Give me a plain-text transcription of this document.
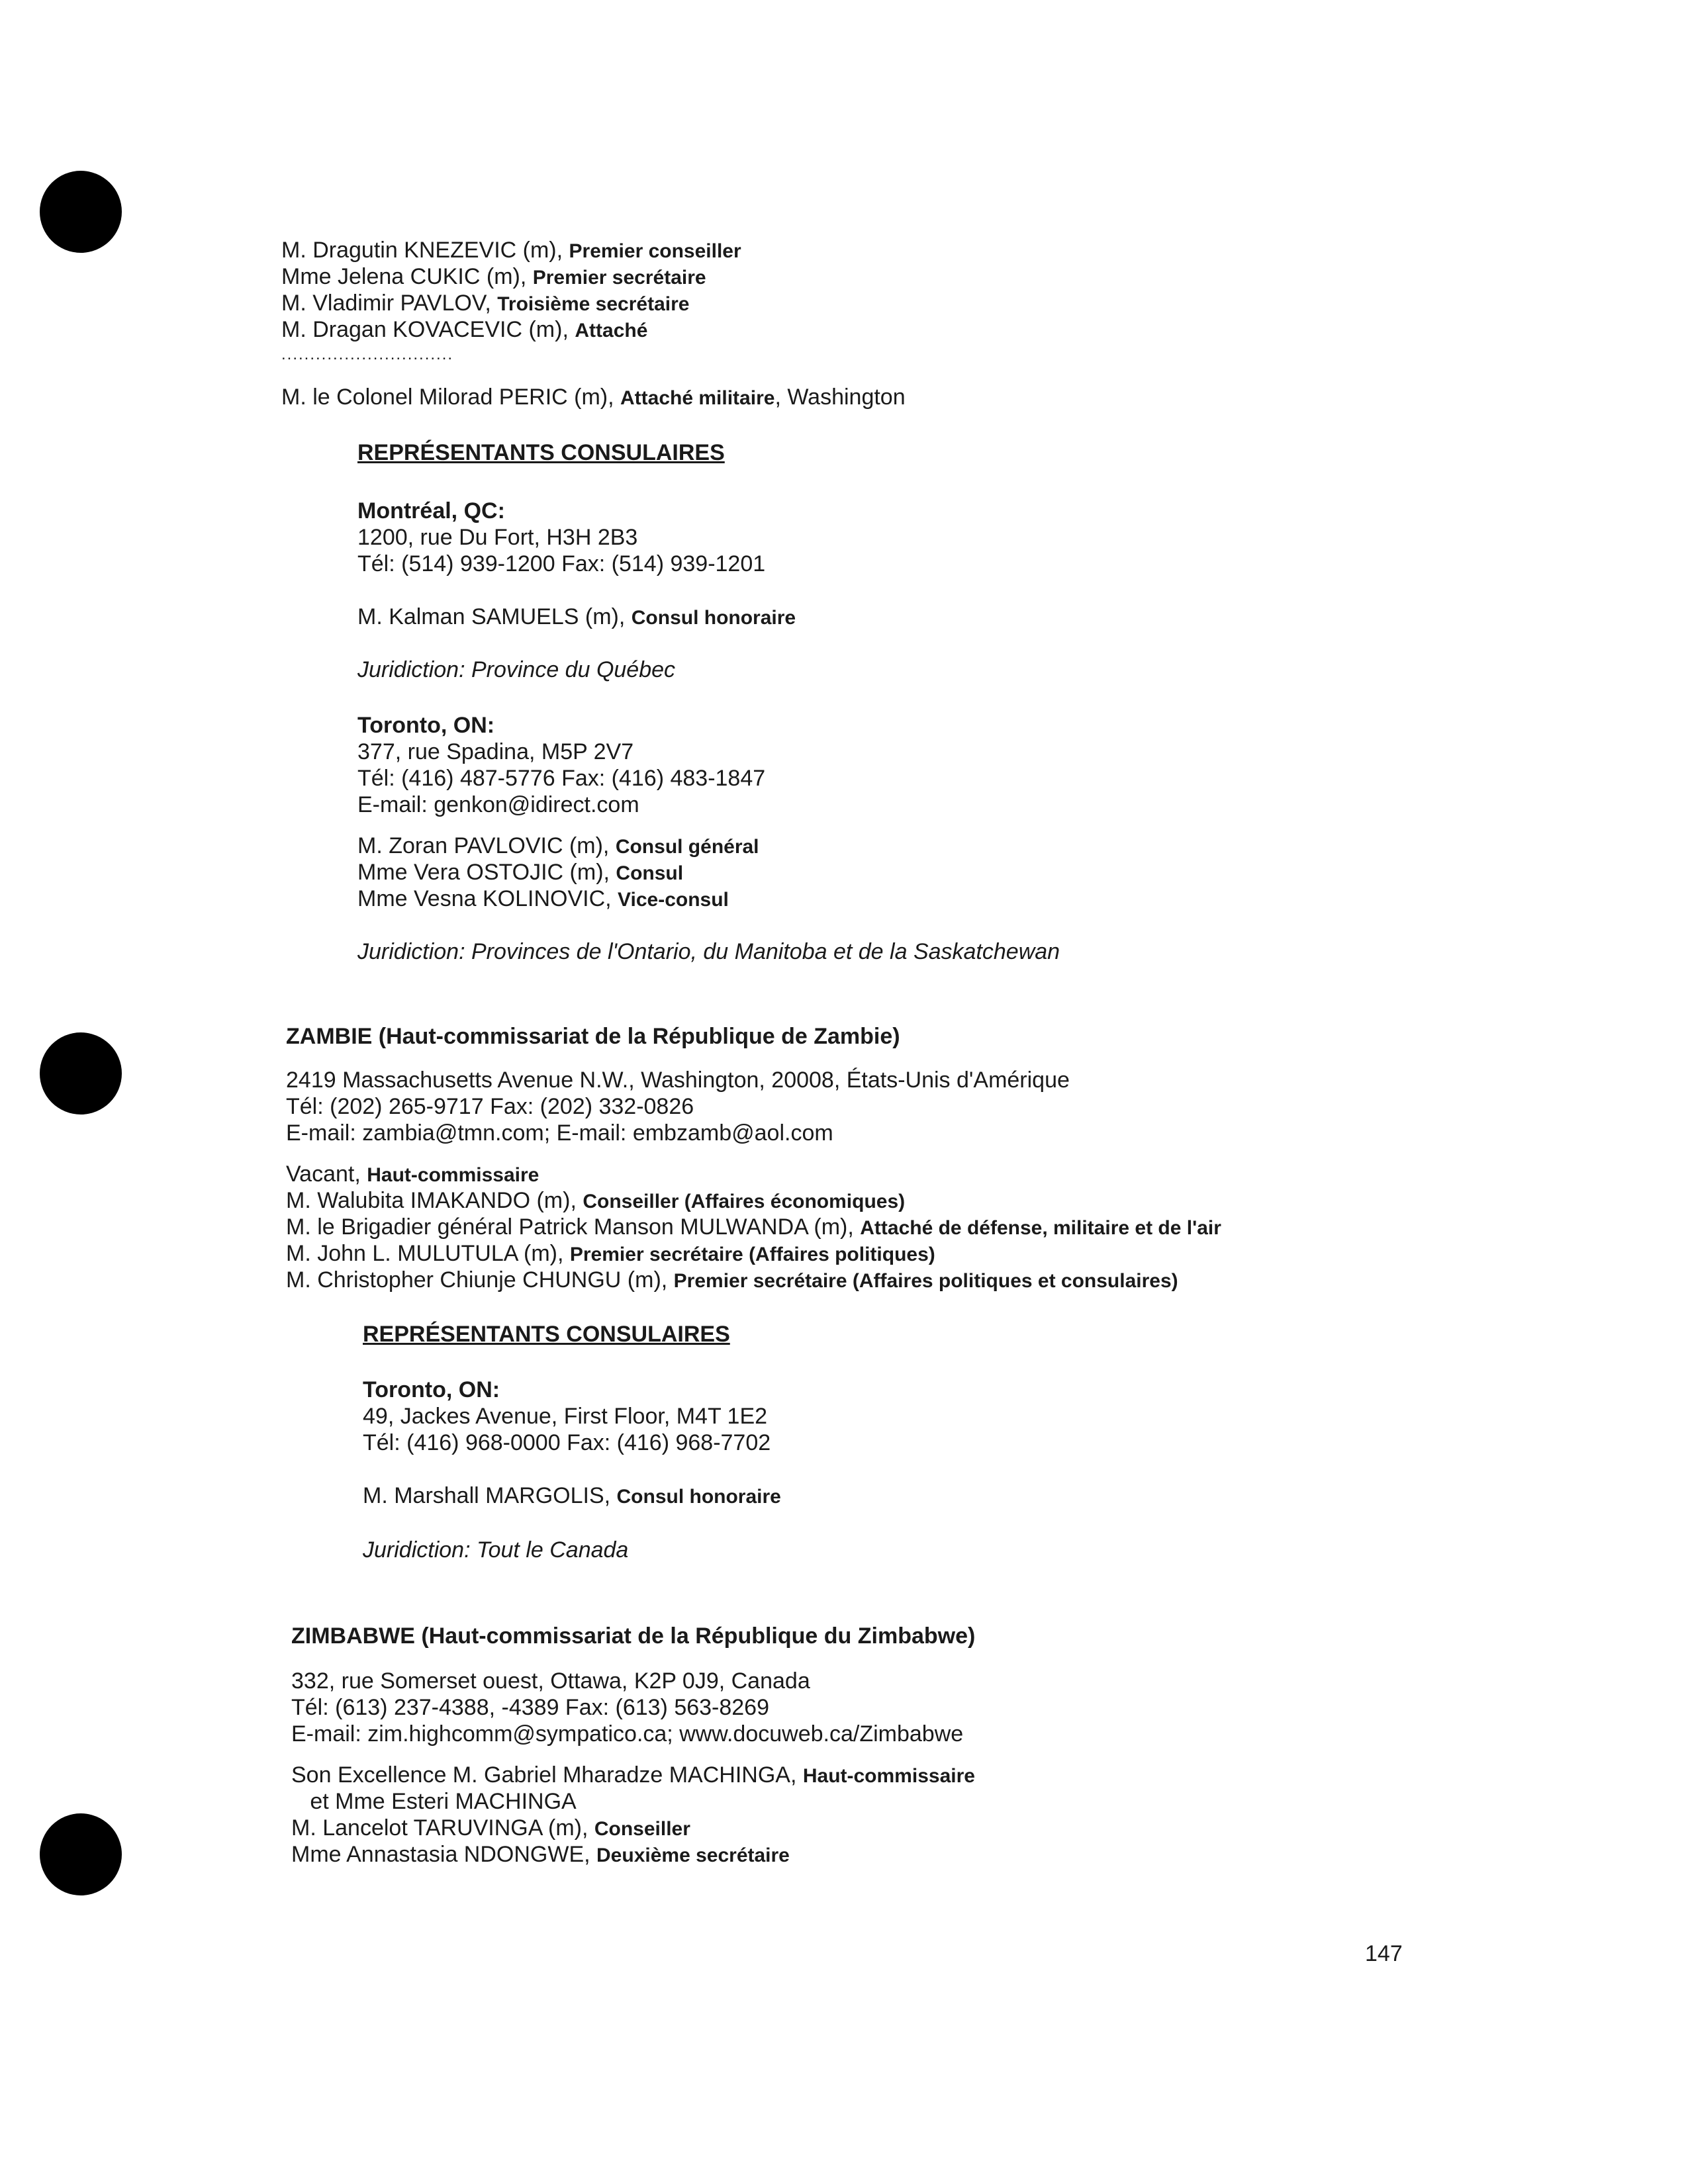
M. Dragutin KNEZEVIC (m), Premier conseiller
Mme Jelena CUKIC (m), Premier secrétaire
M. Vladimir PAVLOV, Troisième secrétaire
M. Dragan KOVACEVIC (m), Attaché
..............................
M. le Colonel Milorad PERIC (m), Attaché militaire, Washington
REPRÉSENTANTS CONSULAIRES
Montréal, QC:
1200, rue Du Fort, H3H 2B3
Tél: (514) 939-1200 Fax: (514) 939-1201
M. Kalman SAMUELS (m), Consul honoraire
Juridiction: Province du Québec
Toronto, ON:
377, rue Spadina, M5P 2V7
Tél: (416) 487-5776 Fax: (416) 483-1847
E-mail: genkon@idirect.com
M. Zoran PAVLOVIC (m), Consul général
Mme Vera OSTOJIC (m), Consul
Mme Vesna KOLINOVIC, Vice-consul
Juridiction: Provinces de l'Ontario, du Manitoba et de la Saskatchewan
ZAMBIE (Haut-commissariat de la République de Zambie)
2419 Massachusetts Avenue N.W., Washington, 20008, États-Unis d'Amérique
Tél: (202) 265-9717 Fax: (202) 332-0826
E-mail: zambia@tmn.com; E-mail: embzamb@aol.com
Vacant, Haut-commissaire
M. Walubita IMAKANDO (m), Conseiller (Affaires économiques)
M. le Brigadier général Patrick Manson MULWANDA (m), Attaché de défense, militaire et de l'air
M. John L. MULUTULA (m), Premier secrétaire (Affaires politiques)
M. Christopher Chiunje CHUNGU (m), Premier secrétaire (Affaires politiques et consulaires)
REPRÉSENTANTS CONSULAIRES
Toronto, ON:
49, Jackes Avenue, First Floor, M4T 1E2
Tél: (416) 968-0000 Fax: (416) 968-7702
M. Marshall MARGOLIS, Consul honoraire
Juridiction: Tout le Canada
ZIMBABWE (Haut-commissariat de la République du Zimbabwe)
332, rue Somerset ouest, Ottawa, K2P 0J9, Canada
Tél: (613) 237-4388, -4389 Fax: (613) 563-8269
E-mail: zim.highcomm@sympatico.ca; www.docuweb.ca/Zimbabwe
Son Excellence M. Gabriel Mharadze MACHINGA, Haut-commissaire
et Mme Esteri MACHINGA
M. Lancelot TARUVINGA (m), Conseiller
Mme Annastasia NDONGWE, Deuxième secrétaire
147
